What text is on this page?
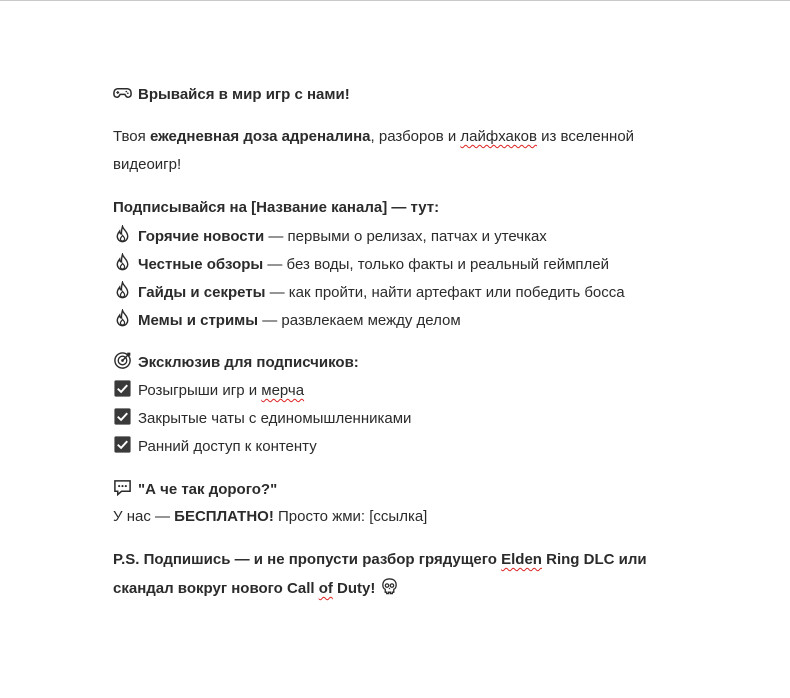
Врывайся в мир игр с нами!
Твоя ежедневная доза адреналина, разборов и лайфхаков из вселенной
видеоигр!
Подписывайся на [Название канала] — тут:
Горячие новости — первыми о релизах, патчах и утечках
Честные обзоры — без воды, только факты и реальный геймплей
Гайды и секреты — как пройти, найти артефакт или победить босса
Мемы и стримы — развлекаем между делом
Эксклюзив для подписчиков:
Розыгрыши игр и мерча
Закрытые чаты с единомышленниками
Ранний доступ к контенту
"А че так дорого?"
У нас — БЕСПЛАТНО! Просто жми: [ссылка]
P.S. Подпишись — и не пропусти разбор грядущего Elden Ring DLC или
скандал вокруг нового Call of Duty!
